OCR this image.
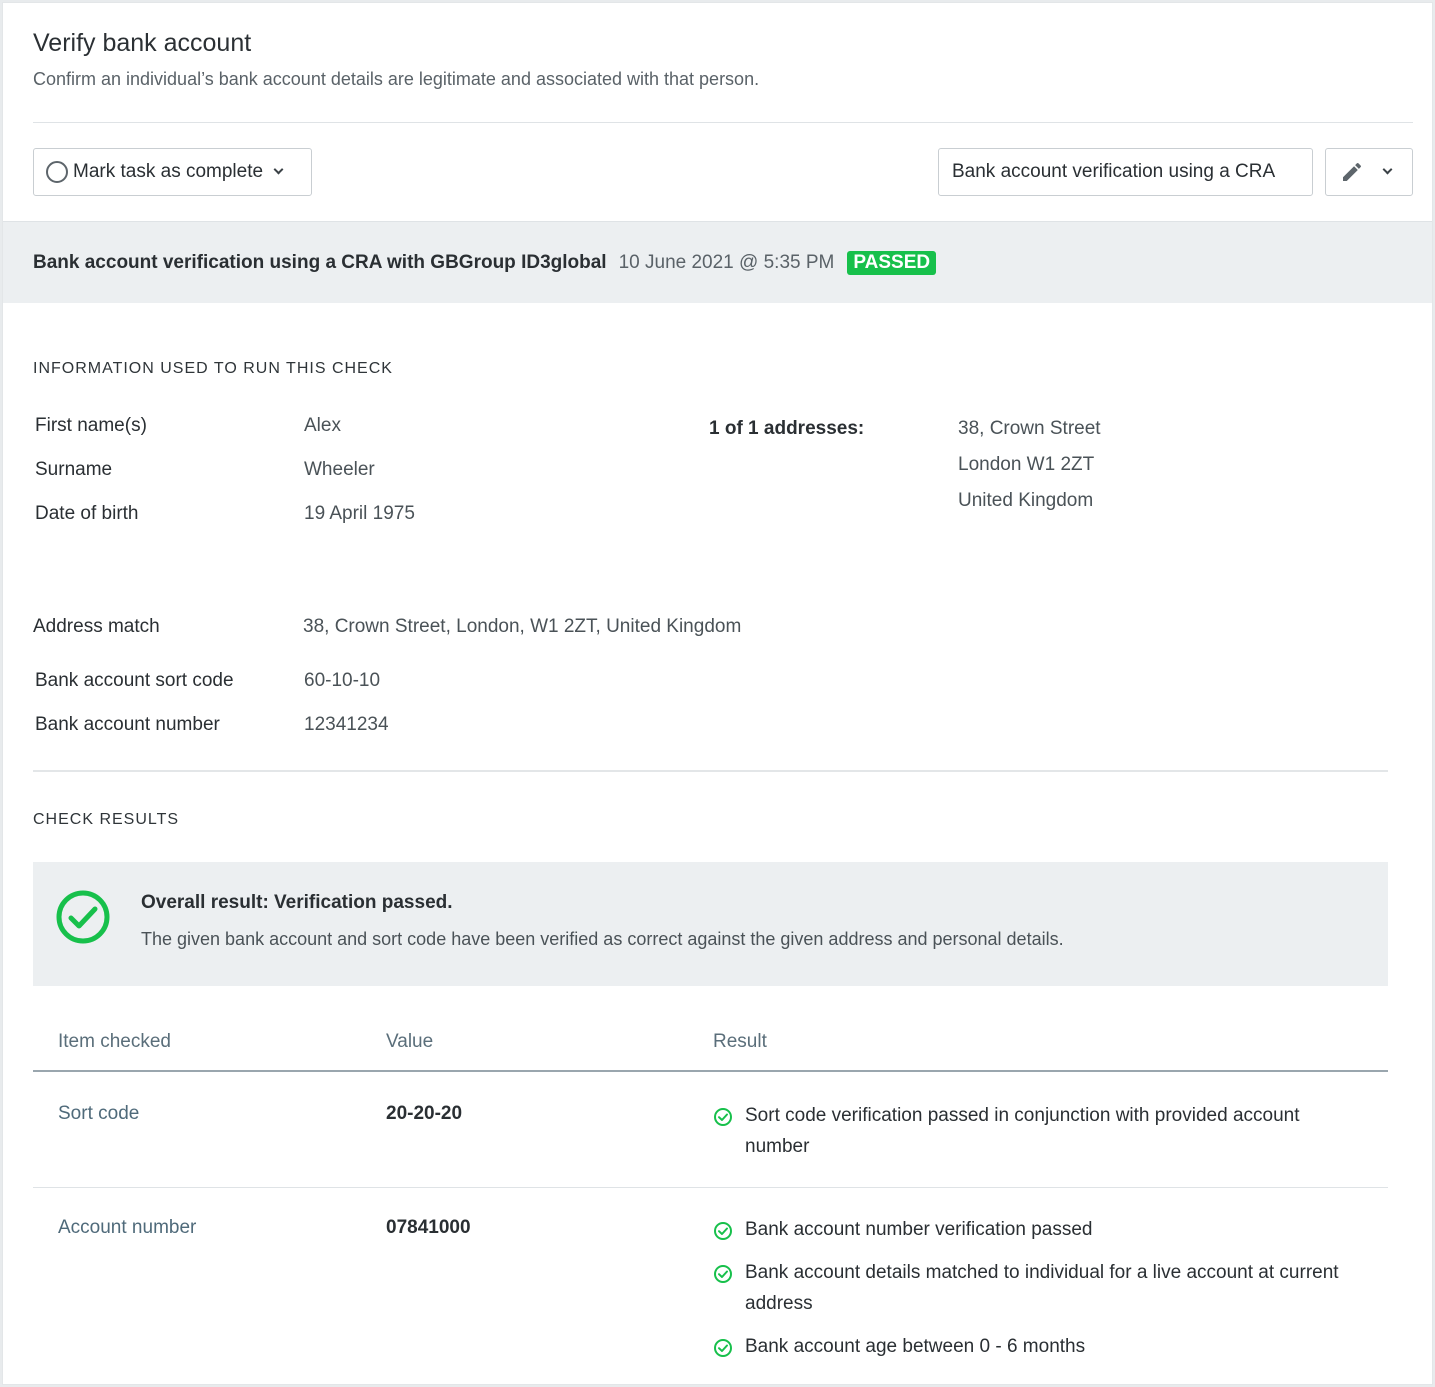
Verify bank account
Confirm an individual’s bank account details are legitimate and associated with that person.
Mark task as complete	Bank account verification using a CRA
Bank account verification using a CRA with GBGroup ID3global 10 June 2021 @ 5:35 PM	PASSED
INFORMATION USED TO RUN THIS CHECK
First name(s)	Alex
Surname	Wheeler
Date of birth	19 April 1975
1 of 1 addresses:	38, Crown Street
London W1 2ZT
United Kingdom
Address match	38, Crown Street, London, W1 2ZT, United Kingdom
Bank account sort code	60-10-10
Bank account number	12341234
CHECK RESULTS
Overall result: Verification passed.
The given bank account and sort code have been verified as correct against the given address and personal details.
Item checked	Value	Result
Sort code	20-20-20	Sort code verification passed in conjunction with provided account number
Account number	07841000	Bank account number verification passed
Bank account details matched to individual for a live account at current address
Bank account age between 0 - 6 months
